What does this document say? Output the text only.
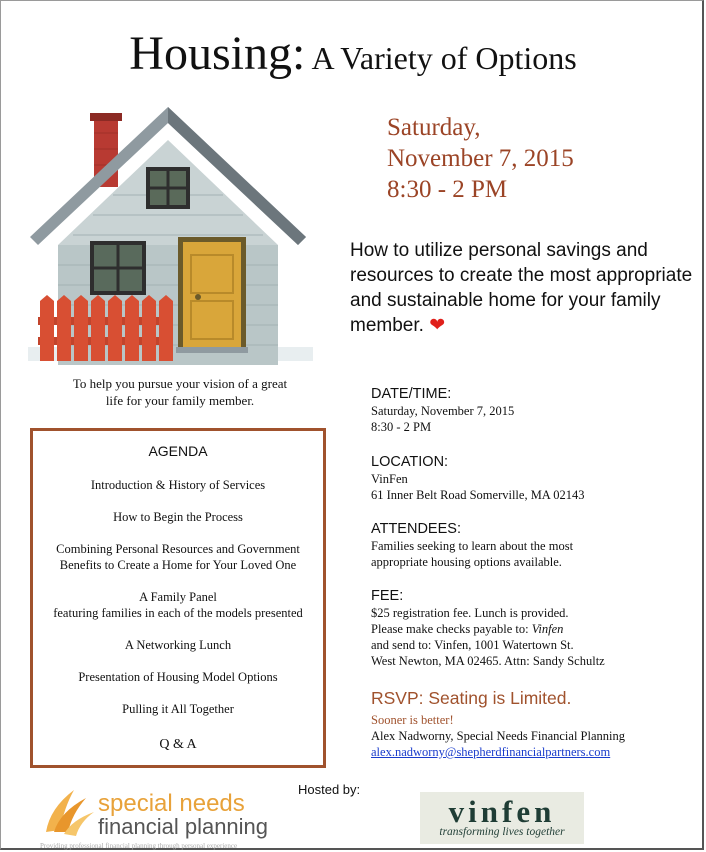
Housing: A Variety of Options
Saturday,
November 7, 2015
8:30 - 2 PM
How to utilize personal savings and resources to create the most appropriate and sustainable home for your family member. ❤
To help you pursue your vision of a great
life for your family member.
AGENDA
Introduction & History of Services
How to Begin the Process
Combining Personal Resources and Government
Benefits to Create a Home for Your Loved One
A Family Panel
featuring families in each of the models presented
A Networking Lunch
Presentation of Housing Model Options
Pulling it All Together
Q & A
DATE/TIME:
Saturday, November 7, 2015
8:30 - 2 PM
LOCATION:
VinFen
61 Inner Belt Road Somerville, MA 02143
ATTENDEES:
Families seeking to learn about the most
appropriate housing options available.
FEE:
$25 registration fee. Lunch is provided.
Please make checks payable to: Vinfen
and send to: Vinfen, 1001 Watertown St.
West Newton, MA 02465. Attn: Sandy Schultz
RSVP: Seating is Limited.
Sooner is better!
Alex Nadworny, Special Needs Financial Planning
alex.nadworny@shepherdfinancialpartners.com
Hosted by:
special needs
financial planning
Providing professional financial planning through personal experience
vinfen
transforming lives together
